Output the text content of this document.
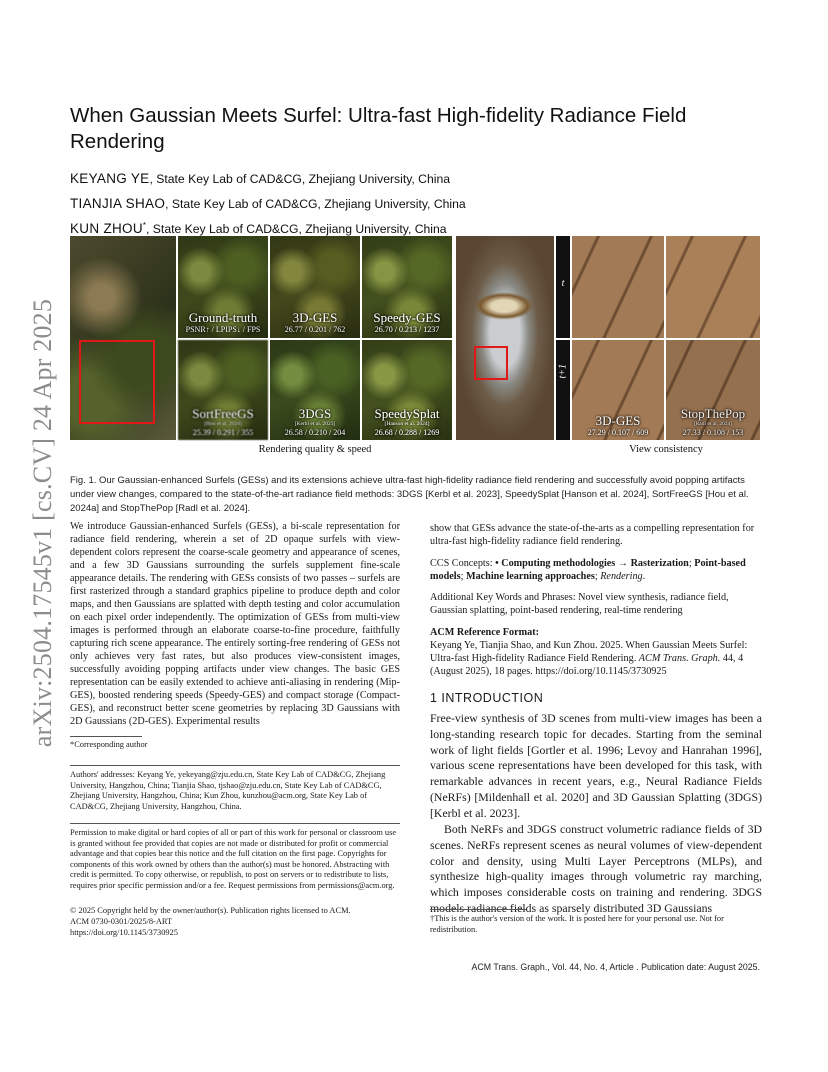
arXiv:2504.17545v1 [cs.CV] 24 Apr 2025
When Gaussian Meets Surfel: Ultra-fast High-fidelity Radiance Field Rendering
KEYANG YE, State Key Lab of CAD&CG, Zhejiang University, China
TIANJIA SHAO, State Key Lab of CAD&CG, Zhejiang University, China
KUN ZHOU*, State Key Lab of CAD&CG, Zhejiang University, China
Ground-truth
PSNR↑ / LPIPS↓ / FPS
3D-GES
26.77 / 0.201 / 762
Speedy-GES
26.70 / 0.213 / 1237
SortFreeGS
[Hou et al. 2024]
25.39 / 0.291 / 355
3DGS
[Kerbl et al. 2023]
26.58 / 0.210 / 204
SpeedySplat
[Hanson et al. 2024]
26.68 / 0.288 / 1269
t
t+1
3D-GES
27.29 / 0.107 / 609
StopThePop
[Radl et al. 2024]
27.33 / 0.108 / 153
Rendering quality & speed	View consistency
Fig. 1. Our Gaussian-enhanced Surfels (GESs) and its extensions achieve ultra-fast high-fidelity radiance field rendering and successfully avoid popping artifacts under view changes, compared to the state-of-the-art radiance field methods: 3DGS [Kerbl et al. 2023], SpeedySplat [Hanson et al. 2024], SortFreeGS [Hou et al. 2024a] and StopThePop [Radl et al. 2024].
We introduce Gaussian-enhanced Surfels (GESs), a bi-scale representation for radiance field rendering, wherein a set of 2D opaque surfels with view-dependent colors represent the coarse-scale geometry and appearance of scenes, and a few 3D Gaussians surrounding the surfels supplement fine-scale appearance details. The rendering with GESs consists of two passes – surfels are first rasterized through a standard graphics pipeline to produce depth and color maps, and then Gaussians are splatted with depth testing and color accumulation on each pixel order independently. The optimization of GESs from multi-view images is performed through an elaborate coarse-to-fine procedure, faithfully capturing rich scene appearance. The entirely sorting-free rendering of GESs not only achieves very fast rates, but also produces view-consistent images, successfully avoiding popping artifacts under view changes. The basic GES representation can be easily extended to achieve anti-aliasing in rendering (Mip-GES), boosted rendering speeds (Speedy-GES) and compact storage (Compact-GES), and reconstruct better scene geometries by replacing 3D Gaussians with 2D Gaussians (2D-GES). Experimental results
*Corresponding author
Authors' addresses: Keyang Ye, yekeyang@zju.edu.cn, State Key Lab of CAD&CG, Zhejiang University, Hangzhou, China; Tianjia Shao, tjshao@zju.edu.cn, State Key Lab of CAD&CG, Zhejiang University, Hangzhou, China; Kun Zhou, kunzhou@acm.org, State Key Lab of CAD&CG, Zhejiang University, Hangzhou, China.
Permission to make digital or hard copies of all or part of this work for personal or classroom use is granted without fee provided that copies are not made or distributed for profit or commercial advantage and that copies bear this notice and the full citation on the first page. Copyrights for components of this work owned by others than the author(s) must be honored. Abstracting with credit is permitted. To copy otherwise, or republish, to post on servers or to redistribute to lists, requires prior specific permission and/or a fee. Request permissions from permissions@acm.org.
© 2025 Copyright held by the owner/author(s). Publication rights licensed to ACM.
ACM 0730-0301/2025/8-ART
https://doi.org/10.1145/3730925
show that GESs advance the state-of-the-arts as a compelling representation for ultra-fast high-fidelity radiance field rendering.
CCS Concepts: • Computing methodologies → Rasterization; Point-based models; Machine learning approaches; Rendering.
Additional Key Words and Phrases: Novel view synthesis, radiance field, Gaussian splatting, point-based rendering, real-time rendering
ACM Reference Format:
Keyang Ye, Tianjia Shao, and Kun Zhou. 2025. When Gaussian Meets Surfel: Ultra-fast High-fidelity Radiance Field Rendering. ACM Trans. Graph. 44, 4 (August 2025), 18 pages. https://doi.org/10.1145/3730925
1 INTRODUCTION
Free-view synthesis of 3D scenes from multi-view images has been a long-standing research topic for decades. Starting from the seminal work of light fields [Gortler et al. 1996; Levoy and Hanrahan 1996], various scene representations have been developed for this task, with remarkable advances in recent years, e.g., Neural Radiance Fields (NeRFs) [Mildenhall et al. 2020] and 3D Gaussian Splatting (3DGS) [Kerbl et al. 2023].
Both NeRFs and 3DGS construct volumetric radiance fields of 3D scenes. NeRFs represent scenes as neural volumes of view-dependent color and density, using Multi Layer Perceptrons (MLPs), and synthesize high-quality images through volumetric ray marching, which imposes considerable costs on training and rendering. 3DGS models radiance fields as sparsely distributed 3D Gaussians
†This is the author's version of the work. It is posted here for your personal use. Not for redistribution.
ACM Trans. Graph., Vol. 44, No. 4, Article . Publication date: August 2025.
